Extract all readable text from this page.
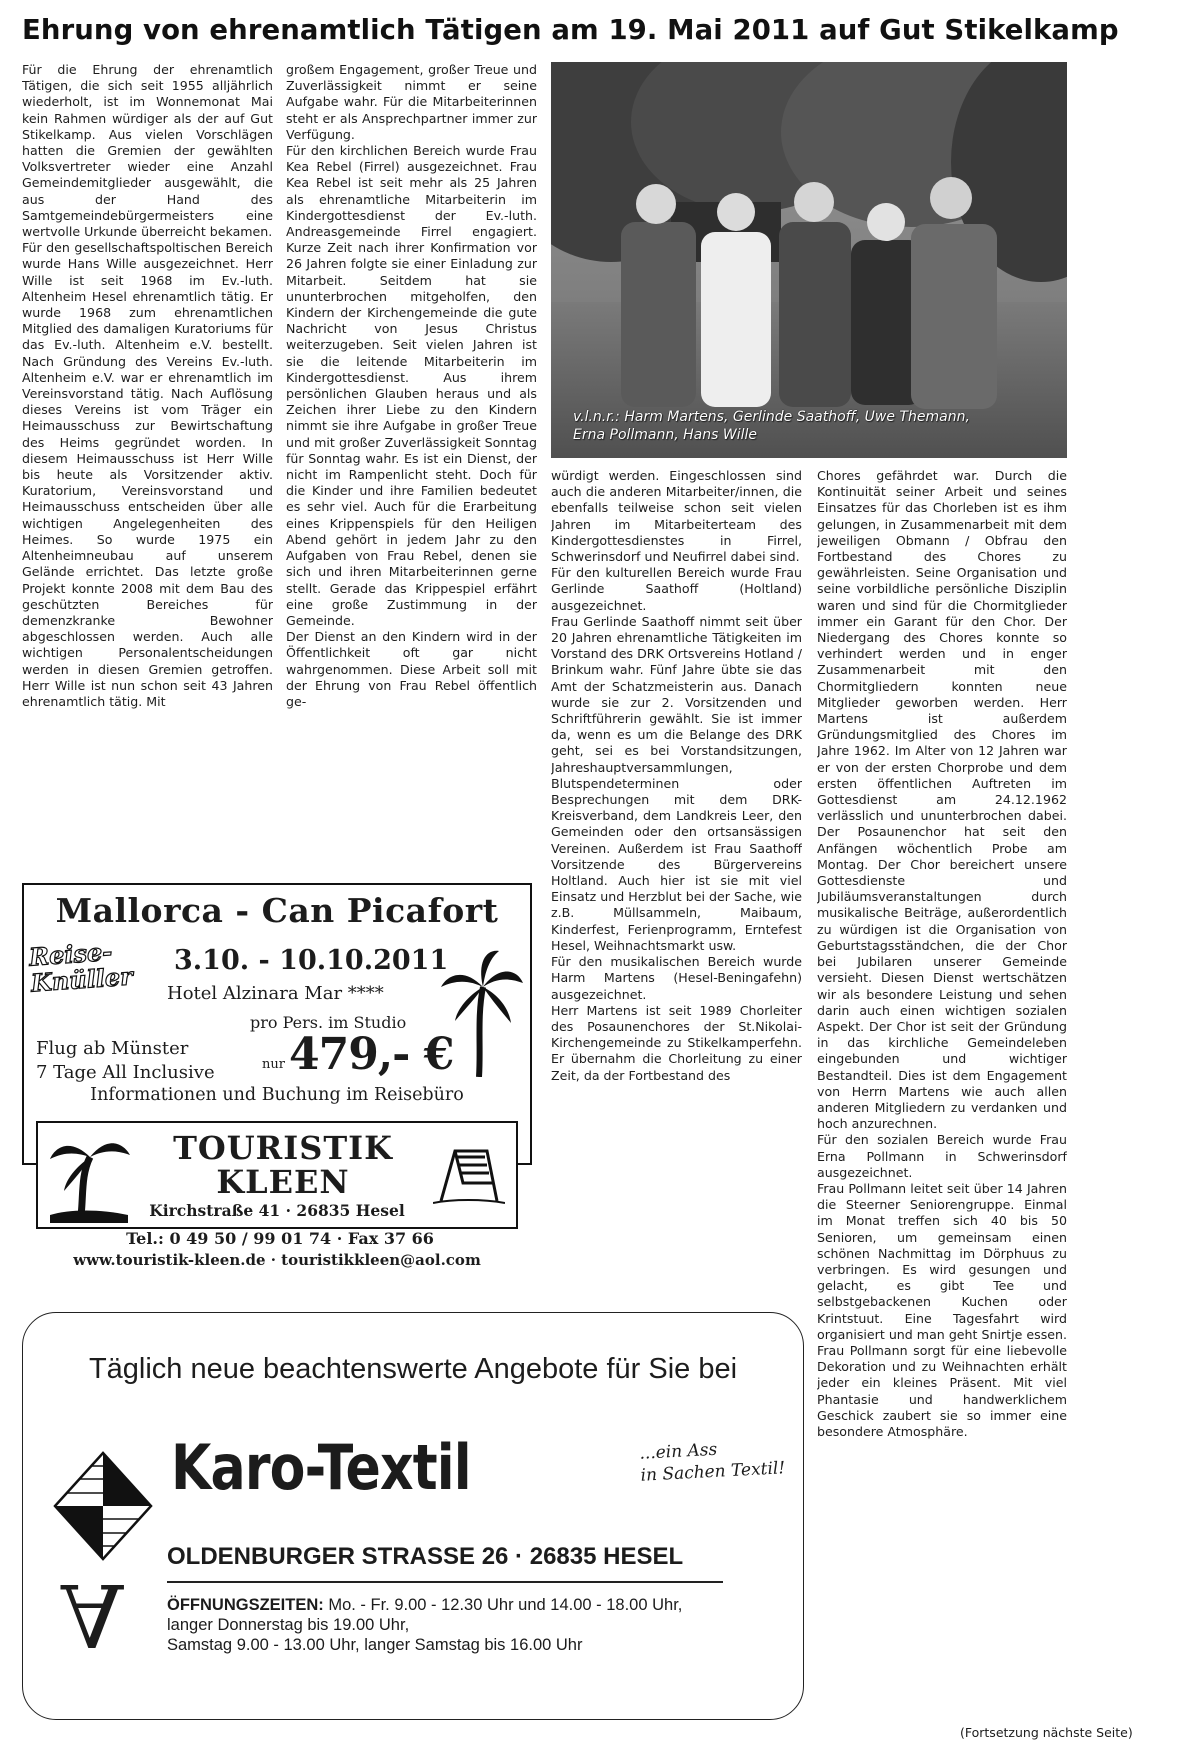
Ehrung von ehrenamtlich Tätigen am 19. Mai 2011 auf Gut Stikelkamp

Für die Ehrung der ehrenamtlich Tätigen, die sich seit 1955 alljährlich wiederholt, ist im Wonnemonat Mai kein Rahmen würdiger als der auf Gut Stikelkamp. Aus vielen Vorschlägen hatten die Gremien der gewählten Volksvertreter wieder eine Anzahl Gemeindemitglieder ausgewählt, die aus der Hand des Samtgemeindebürgermeisters eine wertvolle Urkunde überreicht bekamen.

Für den gesellschaftspoltischen Bereich wurde Hans Wille ausgezeichnet. Herr Wille ist seit 1968 im Ev.-luth. Altenheim Hesel ehrenamtlich tätig. Er wurde 1968 zum ehrenamtlichen Mitglied des damaligen Kuratoriums für das Ev.-luth. Altenheim e.V. bestellt. Nach Gründung des Vereins Ev.-luth. Altenheim e.V. war er ehrenamtlich im Vereinsvorstand tätig. Nach Auflösung dieses Vereins ist vom Träger ein Heimausschuss zur Bewirtschaftung des Heims gegründet worden. In diesem Heimausschuss ist Herr Wille bis heute als Vorsitzender aktiv. Kuratorium, Vereinsvorstand und Heimausschuss entscheiden über alle wichtigen Angelegenheiten des Heimes. So wurde 1975 ein Altenheimneubau auf unserem Gelände errichtet. Das letzte große Projekt konnte 2008 mit dem Bau des geschützten Bereiches für demenzkranke Bewohner abgeschlossen werden. Auch alle wichtigen Personalentscheidungen werden in diesen Gremien getroffen. Herr Wille ist nun schon seit 43 Jahren ehrenamtlich tätig. Mit

großem Engagement, großer Treue und Zuverlässigkeit nimmt er seine Aufgabe wahr. Für die Mitarbeiterinnen steht er als Ansprechpartner immer zur Verfügung.

Für den kirchlichen Bereich wurde Frau Kea Rebel (Firrel) ausgezeichnet. Frau Kea Rebel ist seit mehr als 25 Jahren als ehrenamtliche Mitarbeiterin im Kindergottesdienst der Ev.-luth. Andreasgemeinde Firrel engagiert. Kurze Zeit nach ihrer Konfirmation vor 26 Jahren folgte sie einer Einladung zur Mitarbeit. Seitdem hat sie ununterbrochen mitgeholfen, den Kindern der Kirchengemeinde die gute Nachricht von Jesus Christus weiterzugeben. Seit vielen Jahren ist sie die leitende Mitarbeiterin im Kindergottesdienst. Aus ihrem persönlichen Glauben heraus und als Zeichen ihrer Liebe zu den Kindern nimmt sie ihre Aufgabe in großer Treue und mit großer Zuverlässigkeit Sonntag für Sonntag wahr. Es ist ein Dienst, der nicht im Rampenlicht steht. Doch für die Kinder und ihre Familien bedeutet es sehr viel. Auch für die Erarbeitung eines Krippenspiels für den Heiligen Abend gehört in jedem Jahr zu den Aufgaben von Frau Rebel, denen sie sich und ihren Mitarbeiterinnen gerne stellt. Gerade das Krippespiel erfährt eine große Zustimmung in der Gemeinde.

Der Dienst an den Kindern wird in der Öffentlichkeit oft gar nicht wahrgenommen. Diese Arbeit soll mit der Ehrung von Frau Rebel öffentlich ge-

v.l.n.r.: Harm Martens, Gerlinde Saathoff, Uwe Themann,
Erna Pollmann, Hans Wille

würdigt werden. Eingeschlossen sind auch die anderen Mitarbeiter/innen, die ebenfalls teilweise schon seit vielen Jahren im Mitarbeiterteam des Kindergottesdienstes in Firrel, Schwerinsdorf und Neufirrel dabei sind.

Für den kulturellen Bereich wurde Frau Gerlinde Saathoff (Holtland) ausgezeichnet.

Frau Gerlinde Saathoff nimmt seit über 20 Jahren ehrenamtliche Tätigkeiten im Vorstand des DRK Ortsvereins Hotland / Brinkum wahr. Fünf Jahre übte sie das Amt der Schatzmeisterin aus. Danach wurde sie zur 2. Vorsitzenden und Schriftführerin gewählt. Sie ist immer da, wenn es um die Belange des DRK geht, sei es bei Vorstandsitzungen, Jahreshauptversammlungen, Blutspendeterminen oder Besprechungen mit dem DRK-Kreisverband, dem Landkreis Leer, den Gemeinden oder den ortsansässigen Vereinen. Außerdem ist Frau Saathoff Vorsitzende des Bürgervereins Holtland. Auch hier ist sie mit viel Einsatz und Herzblut bei der Sache, wie z.B. Müllsammeln, Maibaum, Kinderfest, Ferienprogramm, Erntefest Hesel, Weihnachtsmarkt usw.

Für den musikalischen Bereich wurde Harm Martens (Hesel-Beningafehn) ausgezeichnet.

Herr Martens ist seit 1989 Chorleiter des Posaunenchores der St.Nikolai-Kirchengemeinde zu Stikelkamperfehn. Er übernahm die Chorleitung zu einer Zeit, da der Fortbestand des

Chores gefährdet war. Durch die Kontinuität seiner Arbeit und seines Einsatzes für das Chorleben ist es ihm gelungen, in Zusammenarbeit mit dem jeweiligen Obmann / Obfrau den Fortbestand des Chores zu gewährleisten. Seine Organisation und seine vorbildliche persönliche Disziplin waren und sind für die Chormitglieder immer ein Garant für den Chor. Der Niedergang des Chores konnte so verhindert werden und in enger Zusammenarbeit mit den Chormitgliedern konnten neue Mitglieder geworben werden. Herr Martens ist außerdem Gründungsmitglied des Chores im Jahre 1962. Im Alter von 12 Jahren war er von der ersten Chorprobe und dem ersten öffentlichen Auftreten im Gottesdienst am 24.12.1962 verlässlich und ununterbrochen dabei. Der Posaunenchor hat seit den Anfängen wöchentlich Probe am Montag. Der Chor bereichert unsere Gottesdienste und Jubiläumsveranstaltungen durch musikalische Beiträge, außerordentlich zu würdigen ist die Organisation von Geburtstagsständchen, die der Chor bei Jubilaren unserer Gemeinde versieht. Diesen Dienst wertschätzen wir als besondere Leistung und sehen darin auch einen wichtigen sozialen Aspekt. Der Chor ist seit der Gründung in das kirchliche Gemeindeleben eingebunden und wichtiger Bestandteil. Dies ist dem Engagement von Herrn Martens wie auch allen anderen Mitgliedern zu verdanken und hoch anzurechnen.

Für den sozialen Bereich wurde Frau Erna Pollmann in Schwerinsdorf ausgezeichnet.

Frau Pollmann leitet seit über 14 Jahren die Steerner Seniorengruppe. Einmal im Monat treffen sich 40 bis 50 Senioren, um gemeinsam einen schönen Nachmittag im Dörphuus zu verbringen. Es wird gesungen und gelacht, es gibt Tee und selbstgebackenen Kuchen oder Krintstuut. Eine Tagesfahrt wird organisiert und man geht Snirtje essen. Frau Pollmann sorgt für eine liebevolle Dekoration und zu Weihnachten erhält jeder ein kleines Präsent. Mit viel Phantasie und handwerklichem Geschick zaubert sie so immer eine besondere Atmosphäre.

(Fortsetzung nächste Seite)
Mallorca - Can Picafort
Reise-
Knüller
3.10. - 10.10.2011
Hotel Alzinara Mar ****
pro Pers. im Studio
Flug ab Münster
7 Tage All Inclusive	nur 479,- €
Informationen und Buchung im Reisebüro
TOURISTIK
KLEEN
Kirchstraße 41 · 26835 Hesel
Tel.: 0 49 50 / 99 01 74 · Fax 37 66
www.touristik-kleen.de · touristikkleen@aol.com
Täglich neue beachtenswerte Angebote für Sie bei
Karo-Textil	...ein Ass
in Sachen Textil!
OLDENBURGER STRASSE 26 · 26835 HESEL
A	ÖFFNUNGSZEITEN: Mo. - Fr. 9.00 - 12.30 Uhr und 14.00 - 18.00 Uhr,
langer Donnerstag bis 19.00 Uhr,
Samstag 9.00 - 13.00 Uhr, langer Samstag bis 16.00 Uhr
